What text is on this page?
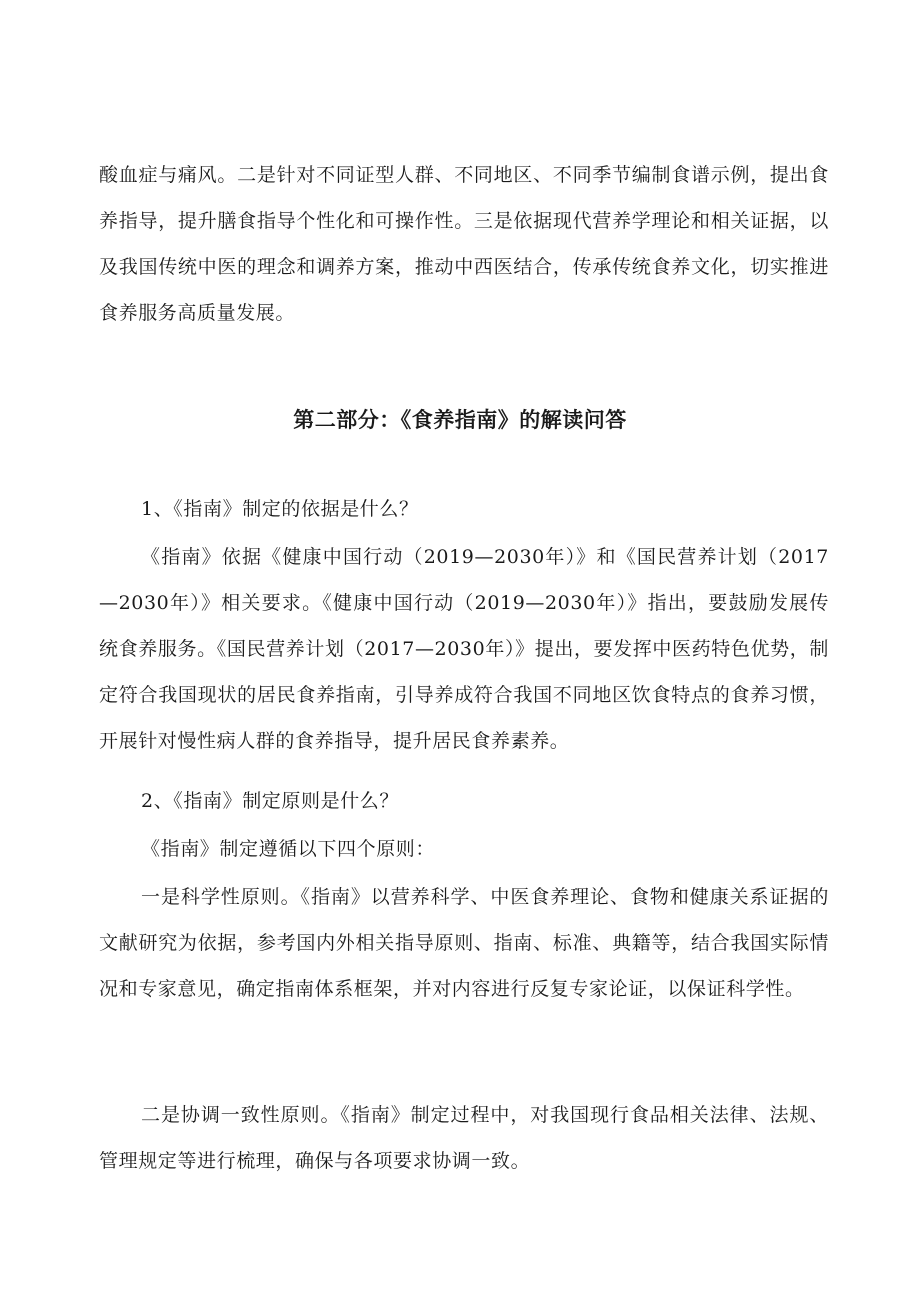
酸血症与痛风。二是针对不同证型人群、不同地区、不同季节编制食谱示例，提出食养指导，提升膳食指导个性化和可操作性。三是依据现代营养学理论和相关证据，以及我国传统中医的理念和调养方案，推动中西医结合，传承传统食养文化，切实推进食养服务高质量发展。

第二部分：《食养指南》的解读问答

1、《指南》制定的依据是什么？

《指南》依据《健康中国行动（2019—2030年）》和《国民营养计划（2017—2030年）》相关要求。《健康中国行动（2019—2030年）》指出，要鼓励发展传统食养服务。《国民营养计划（2017—2030年）》提出，要发挥中医药特色优势，制定符合我国现状的居民食养指南，引导养成符合我国不同地区饮食特点的食养习惯，开展针对慢性病人群的食养指导，提升居民食养素养。

2、《指南》制定原则是什么？

《指南》制定遵循以下四个原则：

一是科学性原则。《指南》以营养科学、中医食养理论、食物和健康关系证据的文献研究为依据，参考国内外相关指导原则、指南、标准、典籍等，结合我国实际情况和专家意见，确定指南体系框架，并对内容进行反复专家论证，以保证科学性。

二是协调一致性原则。《指南》制定过程中，对我国现行食品相关法律、法规、管理规定等进行梳理，确保与各项要求协调一致。
